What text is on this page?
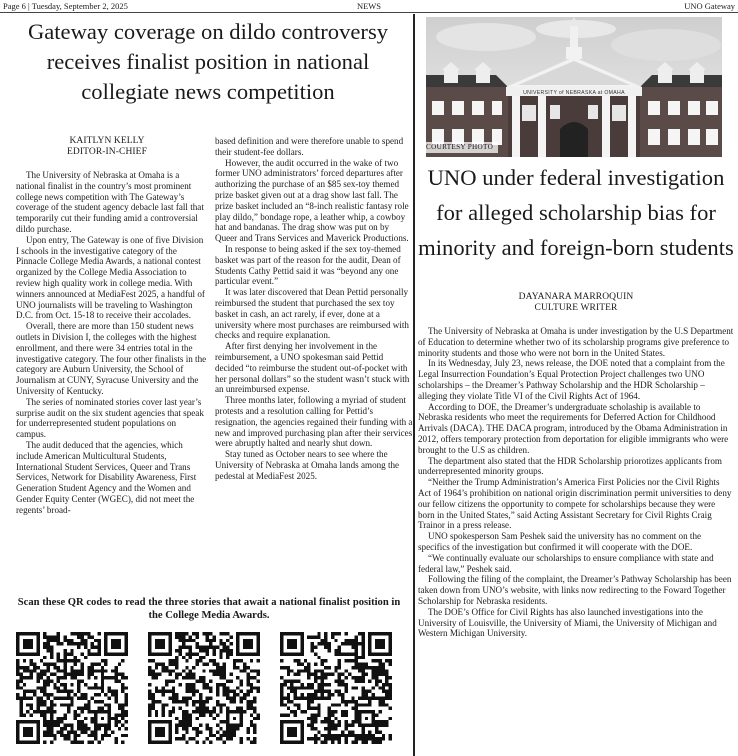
Page 6 | Tuesday, September 2, 2025	NEWS	UNO Gateway
Gateway coverage on dildo controversy receives finalist position in national collegiate news competition
KAITLYN KELLY
EDITOR-IN-CHIEF

The University of Nebraska at Omaha is a national finalist in the country’s most prominent college news competition with The Gateway’s coverage of the student agency debacle last fall that temporarily cut their funding amid a controversial dildo purchase.

Upon entry, The Gateway is one of five Division I schools in the investigative category of the Pinnacle College Media Awards, a national contest organized by the College Media Association to review high quality work in college media. With winners announced at MediaFest 2025, a handful of UNO journalists will be traveling to Washington D.C. from Oct. 15-18 to receive their accolades.

Overall, there are more than 150 student news outlets in Division I, the colleges with the highest enrollment, and there were 34 entries total in the investigative category. The four other finalists in the category are Auburn University, the School of Journalism at CUNY, Syracuse University and the University of Kentucky.

The series of nominated stories cover last year’s surprise audit on the six student agencies that speak for underrepresented student populations on campus.

The audit deduced that the agencies, which include American Multicultural Students, International Student Services, Queer and Trans Services, Network for Disability Awareness, First Generation Student Agency and the Women and Gender Equity Center (WGEC), did not meet the regents’ broad-

based definition and were therefore unable to spend their student-fee dollars.

However, the audit occurred in the wake of two former UNO administrators’ forced departures after authorizing the purchase of an $85 sex-toy themed prize basket given out at a drag show last fall. The prize basket included an “8-inch realistic fantasy role play dildo,” bondage rope, a leather whip, a cowboy hat and bandanas. The drag show was put on by Queer and Trans Services and Maverick Productions.

In response to being asked if the sex toy-themed basket was part of the reason for the audit, Dean of Students Cathy Pettid said it was “beyond any one particular event.”

It was later discovered that Dean Pettid personally reimbursed the student that purchased the sex toy basket in cash, an act rarely, if ever, done at a university where most purchases are reimbursed with checks and require explanation.

After first denying her involvement in the reimbursement, a UNO spokesman said Pettid decided “to reimburse the student out-of-pocket with her personal dollars” so the student wasn’t stuck with an unreimbursed expense.

Three months later, following a myriad of student protests and a resolution calling for Pettid’s resignation, the agencies regained their funding with a new and improved purchasing plan after their services were abruptly halted and nearly shut down.

Stay tuned as October nears to see where the University of Nebraska at Omaha lands among the pedestal at MediaFest 2025.

Scan these QR codes to read the three stories that await a national finalist position in the College Media Awards.
UNIVERSITY of NEBRASKA at OMAHA
COURTESY PHOTO
UNO under federal investigation for alleged scholarship bias for minority and foreign-born students
DAYANARA MARROQUIN
CULTURE WRITER

The University of Nebraska at Omaha is under investigation by the U.S Department of Education to determine whether two of its scholarship programs give preference to minority students and those who were not born in the United States.

In its Wednesday, July 23, news release, the DOE noted that a complaint from the Legal Insurrection Foundation’s Equal Protection Project challenges two UNO scholarships – the Dreamer’s Pathway Scholarship and the HDR Scholarship – alleging they violate Title VI of the Civil Rights Act of 1964.

According to DOE, the Dreamer’s undergraduate scholaship is available to Nebraska residents who meet the requirements for Deferred Action for Childhood Arrivals (DACA). THE DACA program, introduced by the Obama Administration in 2012, offers temporary protection from deportation for eligible immigrants who were brought to the U.S as children.

The department also stated that the HDR Scholarship priorotizes applicants from underrepresented minority groups.

“Neither the Trump Administration’s America First Policies nor the Civil Rights Act of 1964’s prohibition on national origin discrimination permit universities to deny our fellow citizens the opportunity to compete for scholarships because they were born in the United States,” said Acting Assistant Secretary for Civil Rights Craig Trainor in a press release.

UNO spokesperson Sam Peshek said the university has no comment on the specifics of the investigation but confirmed it will cooperate with the DOE.

“We continually evaluate our scholarships to ensure compliance with state and federal law,” Peshek said.

Following the filing of the complaint, the Dreamer’s Pathway Scholarship has been taken down from UNO’s website, with links now redirecting to the Foward Together Scholarship for Nebraska residents.

The DOE’s Office for Civil Rights has also launched investigations into the University of Louisville, the University of Miami, the University of Michigan and Western Michigan University.
